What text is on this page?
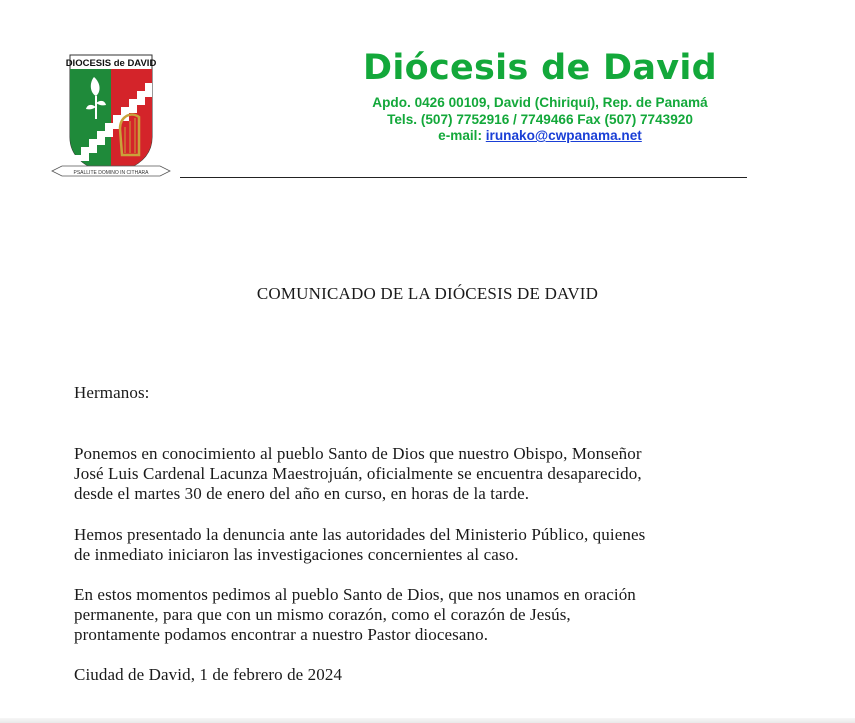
DIOCESIS de DAVID
PSALLITE DOMINO IN CITHARA
Diócesis de David
Apdo. 0426 00109, David (Chiriquí), Rep. de Panamá
Tels. (507) 7752916 / 7749466 Fax (507) 7743920
e-mail: irunako@cwpanama.net
COMUNICADO DE LA DIÓCESIS DE DAVID
Hermanos:
Ponemos en conocimiento al pueblo Santo de Dios que nuestro Obispo, Monseñor
José Luis Cardenal Lacunza Maestrojuán, oficialmente se encuentra desaparecido,
desde el martes 30 de enero del año en curso, en horas de la tarde.
Hemos presentado la denuncia ante las autoridades del Ministerio Público, quienes
de inmediato iniciaron las investigaciones concernientes al caso.
En estos momentos pedimos al pueblo Santo de Dios, que nos unamos en oración
permanente, para que con un mismo corazón, como el corazón de Jesús,
prontamente podamos encontrar a nuestro Pastor diocesano.
Ciudad de David, 1 de febrero de 2024
